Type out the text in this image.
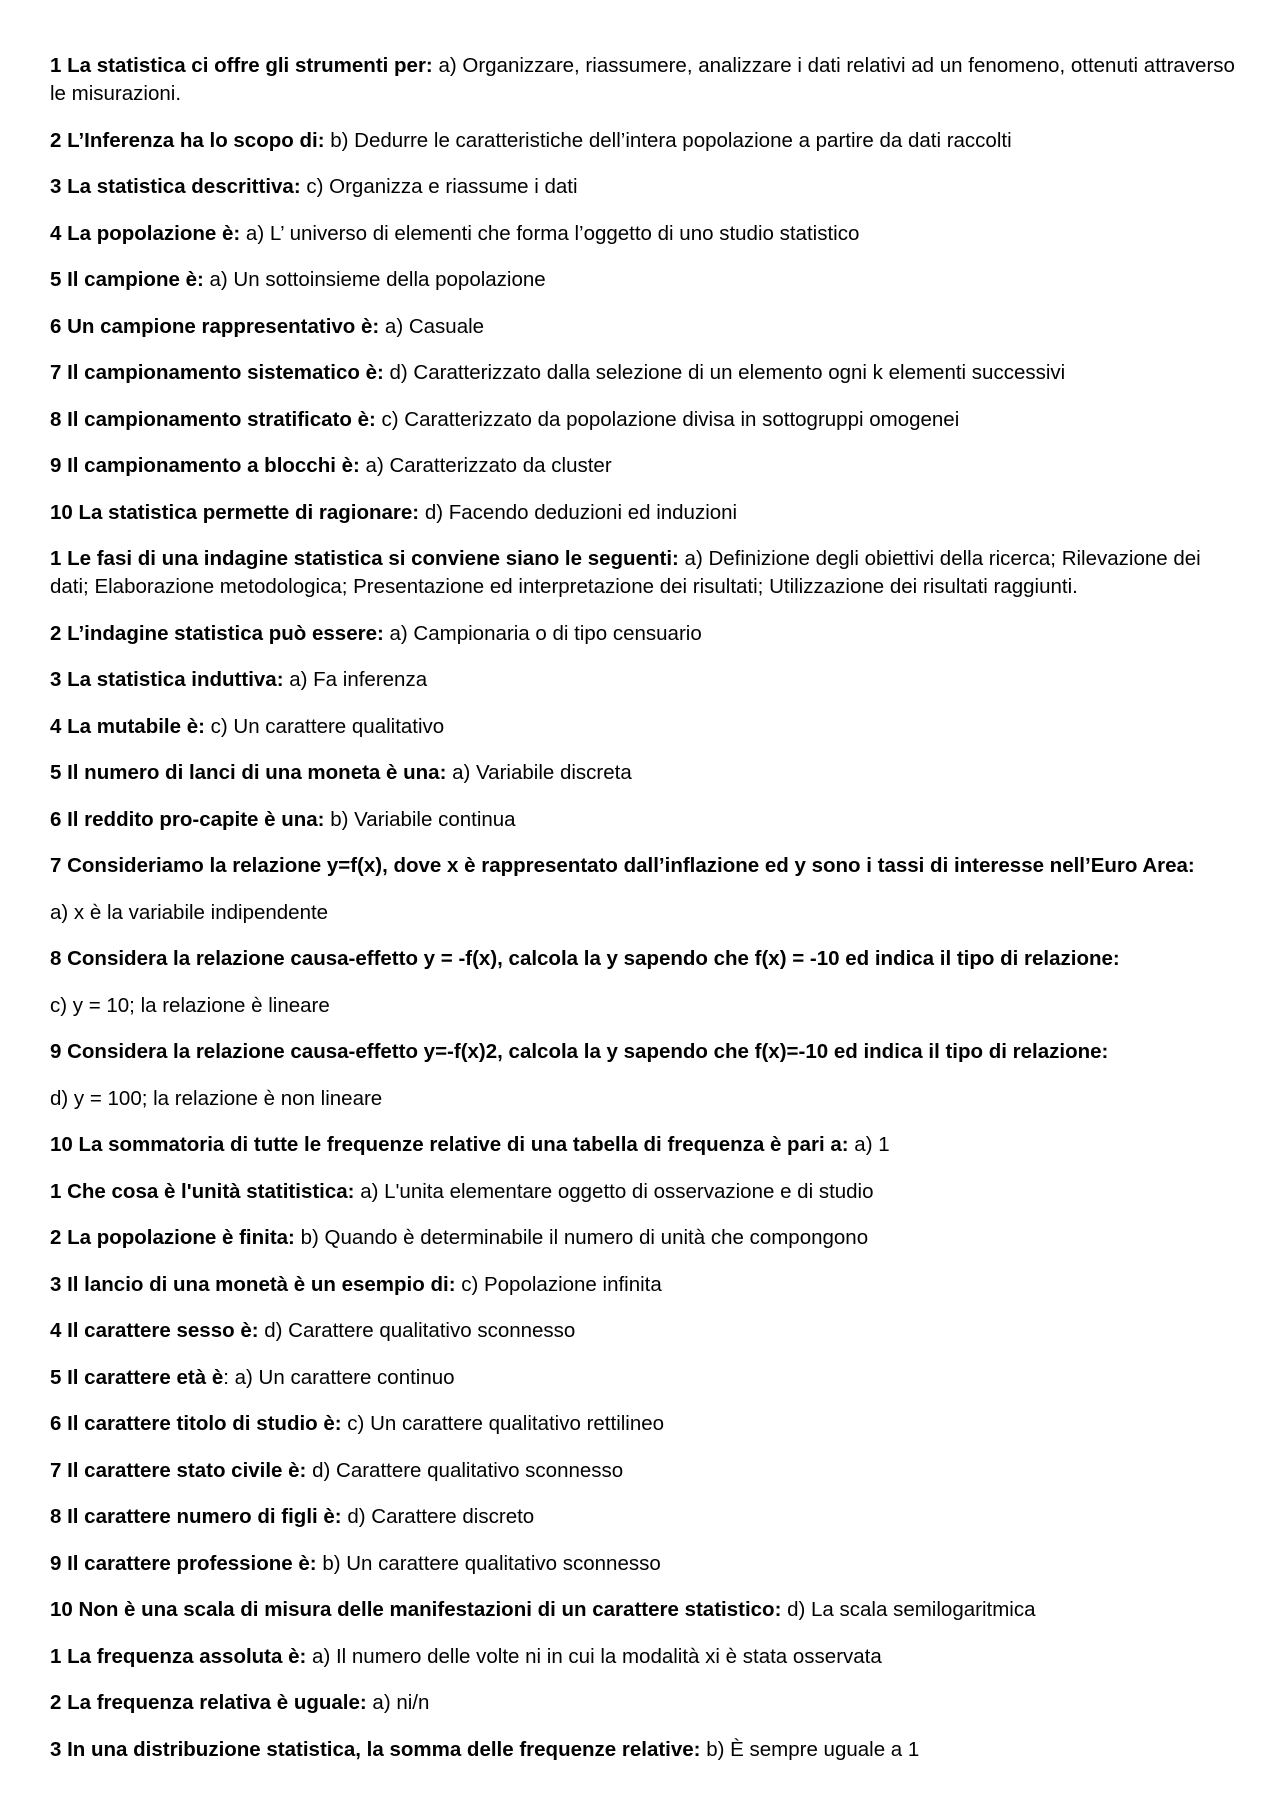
1 La statistica ci offre gli strumenti per: a) Organizzare, riassumere, analizzare i dati relativi ad un fenomeno, ottenuti attraverso le misurazioni.

2 L’Inferenza ha lo scopo di: b) Dedurre le caratteristiche dell’intera popolazione a partire da dati raccolti

3 La statistica descrittiva: c) Organizza e riassume i dati

4 La popolazione è: a) L’ universo di elementi che forma l’oggetto di uno studio statistico

5 Il campione è: a) Un sottoinsieme della popolazione

6 Un campione rappresentativo è: a) Casuale

7 Il campionamento sistematico è: d) Caratterizzato dalla selezione di un elemento ogni k elementi successivi

8 Il campionamento stratificato è: c) Caratterizzato da popolazione divisa in sottogruppi omogenei

9 Il campionamento a blocchi è: a) Caratterizzato da cluster

10 La statistica permette di ragionare: d) Facendo deduzioni ed induzioni

1 Le fasi di una indagine statistica si conviene siano le seguenti: a) Definizione degli obiettivi della ricerca; Rilevazione dei dati; Elaborazione metodologica; Presentazione ed interpretazione dei risultati; Utilizzazione dei risultati raggiunti.

2 L’indagine statistica può essere: a) Campionaria o di tipo censuario

3 La statistica induttiva: a) Fa inferenza

4 La mutabile è: c) Un carattere qualitativo

5 Il numero di lanci di una moneta è una: a) Variabile discreta

6 Il reddito pro-capite è una: b) Variabile continua

7 Consideriamo la relazione y=f(x), dove x è rappresentato dall’inflazione ed y sono i tassi di interesse nell’Euro Area:

a) x è la variabile indipendente

8 Considera la relazione causa-effetto y = -f(x), calcola la y sapendo che f(x) = -10 ed indica il tipo di relazione:

c) y = 10; la relazione è lineare

9 Considera la relazione causa-effetto y=-f(x)2, calcola la y sapendo che f(x)=-10 ed indica il tipo di relazione:

d) y = 100; la relazione è non lineare

10 La sommatoria di tutte le frequenze relative di una tabella di frequenza è pari a: a) 1

1 Che cosa è l'unità statitistica: a) L'unita elementare oggetto di osservazione e di studio

2 La popolazione è finita: b) Quando è determinabile il numero di unità che compongono

3 Il lancio di una monetà è un esempio di: c) Popolazione infinita

4 Il carattere sesso è: d) Carattere qualitativo sconnesso

5 Il carattere età è: a) Un carattere continuo

6 Il carattere titolo di studio è: c) Un carattere qualitativo rettilineo

7 Il carattere stato civile è: d) Carattere qualitativo sconnesso

8 Il carattere numero di figli è: d) Carattere discreto

9 Il carattere professione è: b) Un carattere qualitativo sconnesso

10 Non è una scala di misura delle manifestazioni di un carattere statistico: d) La scala semilogaritmica

1 La frequenza assoluta è: a) Il numero delle volte ni in cui la modalità xi è stata osservata

2 La frequenza relativa è uguale: a) ni/n

3 In una distribuzione statistica, la somma delle frequenze relative: b) È sempre uguale a 1
